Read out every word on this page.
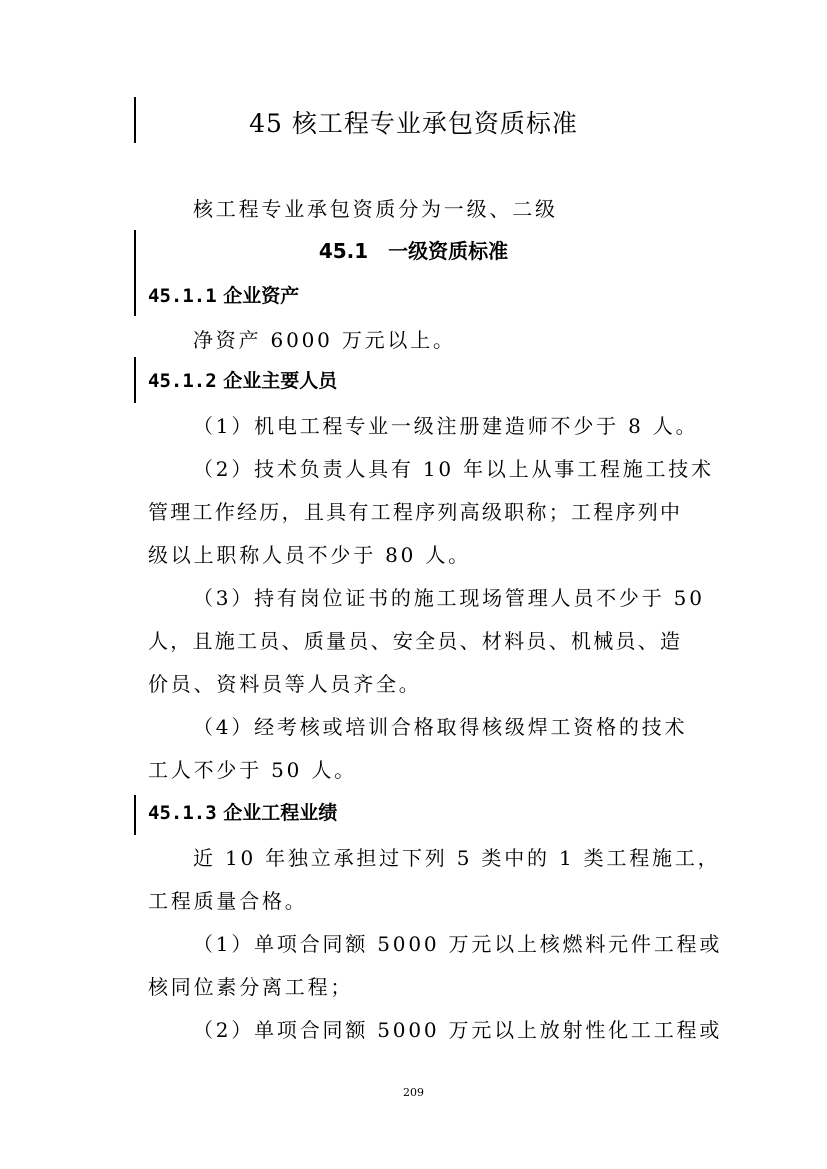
45 核工程专业承包资质标准
核工程专业承包资质分为一级、二级
45.1　一级资质标准
45.1.1 企业资产
净资产 6000 万元以上。
45.1.2 企业主要人员
（1）机电工程专业一级注册建造师不少于 8 人。
（2）技术负责人具有 10 年以上从事工程施工技术
管理工作经历，且具有工程序列高级职称；工程序列中
级以上职称人员不少于 80 人。
（3）持有岗位证书的施工现场管理人员不少于 50
人，且施工员、质量员、安全员、材料员、机械员、造
价员、资料员等人员齐全。
（4）经考核或培训合格取得核级焊工资格的技术
工人不少于 50 人。
45.1.3 企业工程业绩
近 10 年独立承担过下列 5 类中的 1 类工程施工，
工程质量合格。
（1）单项合同额 5000 万元以上核燃料元件工程或
核同位素分离工程；
（2）单项合同额 5000 万元以上放射性化工工程或
209
